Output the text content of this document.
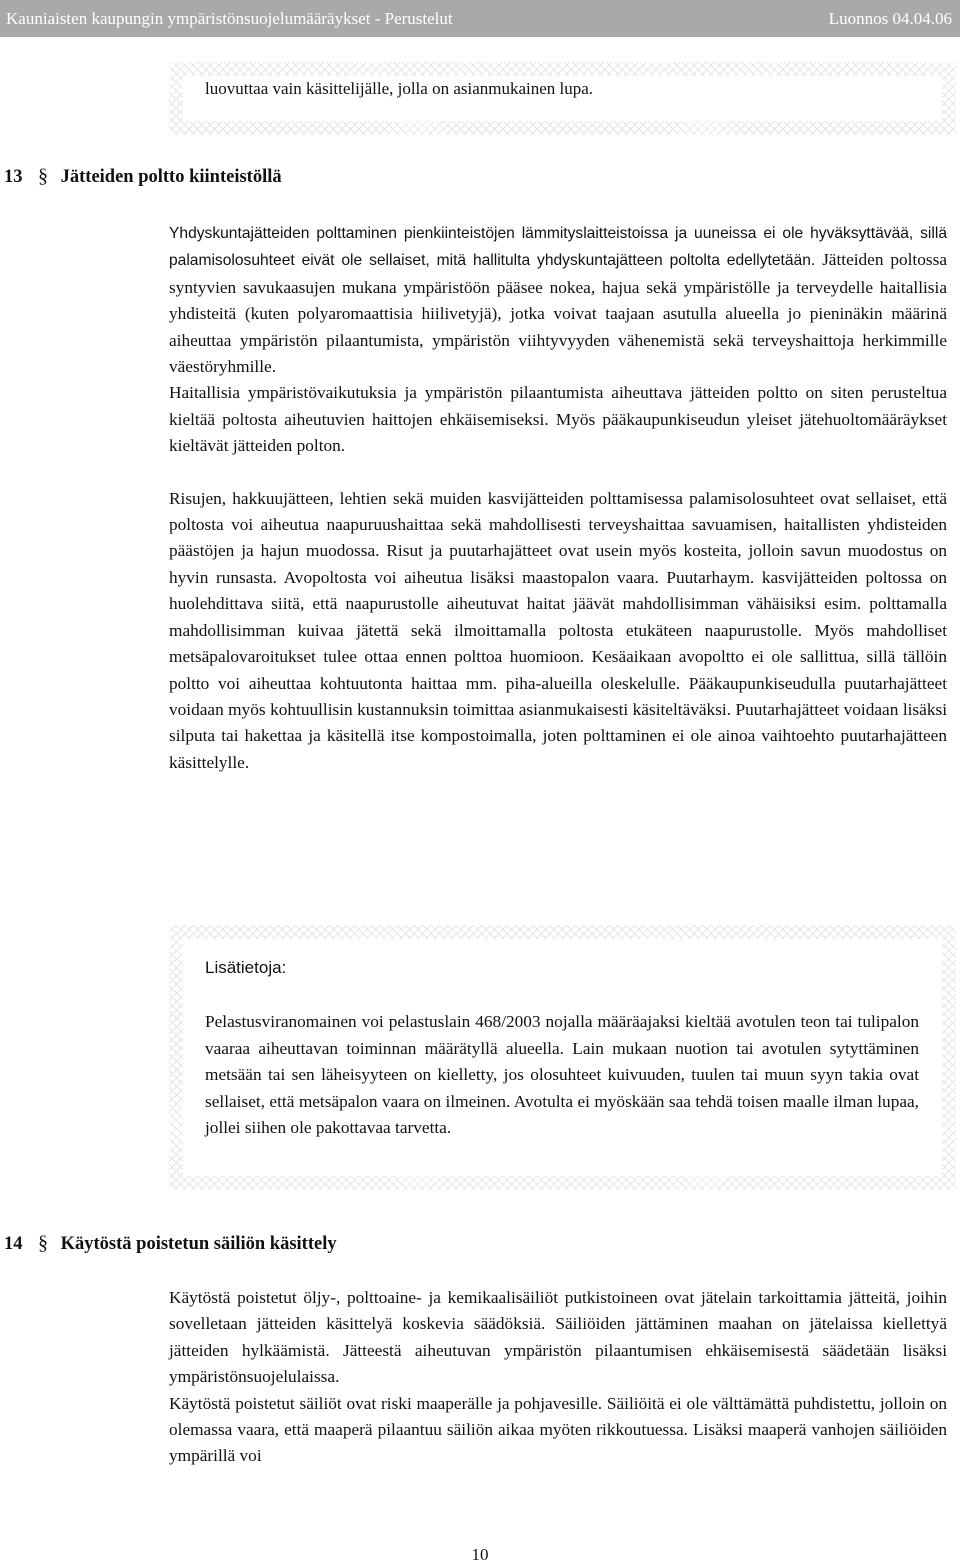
Kauniaisten kaupungin ympäristönsuojelumääräykset - Perustelut	Luonnos 04.04.06
luovuttaa vain käsittelijälle, jolla on asianmukainen lupa.
13 § Jätteiden poltto kiinteistöllä

Yhdyskuntajätteiden polttaminen pienkiinteistöjen lämmityslaitteistoissa ja uuneissa ei ole hyväksyttävää, sillä palamisolosuhteet eivät ole sellaiset, mitä hallitulta yhdyskuntajätteen poltolta edellytetään. Jätteiden poltossa syntyvien savukaasujen mukana ympäristöön pääsee nokea, hajua sekä ympäristölle ja terveydelle haitallisia yhdisteitä (kuten polyaromaattisia hiilivetyjä), jotka voivat taajaan asutulla alueella jo pieninäkin määrinä aiheuttaa ympäristön pilaantumista, ympäristön viihtyvyyden vähenemistä sekä terveyshaittoja herkimmille väestöryhmille.

Haitallisia ympäristövaikutuksia ja ympäristön pilaantumista aiheuttava jätteiden poltto on siten perusteltua kieltää poltosta aiheutuvien haittojen ehkäisemiseksi. Myös pääkaupunkiseudun yleiset jätehuoltomääräykset kieltävät jätteiden polton.

Risujen, hakkuujätteen, lehtien sekä muiden kasvijätteiden polttamisessa palamisolosuhteet ovat sellaiset, että poltosta voi aiheutua naapuruushaittaa sekä mahdollisesti terveyshaittaa savuamisen, haitallisten yhdisteiden päästöjen ja hajun muodossa. Risut ja puutarhajätteet ovat usein myös kosteita, jolloin savun muodostus on hyvin runsasta. Avopoltosta voi aiheutua lisäksi maastopalon vaara. Puutarhaym. kasvijätteiden poltossa on huolehdittava siitä, että naapurustolle aiheutuvat haitat jäävät mahdollisimman vähäisiksi esim. polttamalla mahdollisimman kuivaa jätettä sekä ilmoittamalla poltosta etukäteen naapurustolle. Myös mahdolliset metsäpalovaroitukset tulee ottaa ennen polttoa huomioon. Kesäaikaan avopoltto ei ole sallittua, sillä tällöin poltto voi aiheuttaa kohtuutonta haittaa mm. piha-alueilla oleskelulle. Pääkaupunkiseudulla puutarhajätteet voidaan myös kohtuullisin kustannuksin toimittaa asianmukaisesti käsiteltäväksi. Puutarhajätteet voidaan lisäksi silputa tai hakettaa ja käsitellä itse kompostoimalla, joten polttaminen ei ole ainoa vaihtoehto puutarhajätteen käsittelylle.

Lisätietoja:
Pelastusviranomainen voi pelastuslain 468/2003 nojalla määräajaksi kieltää avotulen teon tai tulipalon vaaraa aiheuttavan toiminnan määrätyllä alueella. Lain mukaan nuotion tai avotulen sytyttäminen metsään tai sen läheisyyteen on kielletty, jos olosuhteet kuivuuden, tuulen tai muun syyn takia ovat sellaiset, että metsäpalon vaara on ilmeinen. Avotulta ei myöskään saa tehdä toisen maalle ilman lupaa, jollei siihen ole pakottavaa tarvetta.
14 § Käytöstä poistetun säiliön käsittely

Käytöstä poistetut öljy-, polttoaine- ja kemikaalisäiliöt putkistoineen ovat jätelain tarkoittamia jätteitä, joihin sovelletaan jätteiden käsittelyä koskevia säädöksiä. Säiliöiden jättäminen maahan on jätelaissa kiellettyä jätteiden hylkäämistä. Jätteestä aiheutuvan ympäristön pilaantumisen ehkäisemisestä säädetään lisäksi ympäristönsuojelulaissa.

Käytöstä poistetut säiliöt ovat riski maaperälle ja pohjavesille. Säiliöitä ei ole välttämättä puhdistettu, jolloin on olemassa vaara, että maaperä pilaantuu säiliön aikaa myöten rikkoutuessa. Lisäksi maaperä vanhojen säiliöiden ympärillä voi

10
